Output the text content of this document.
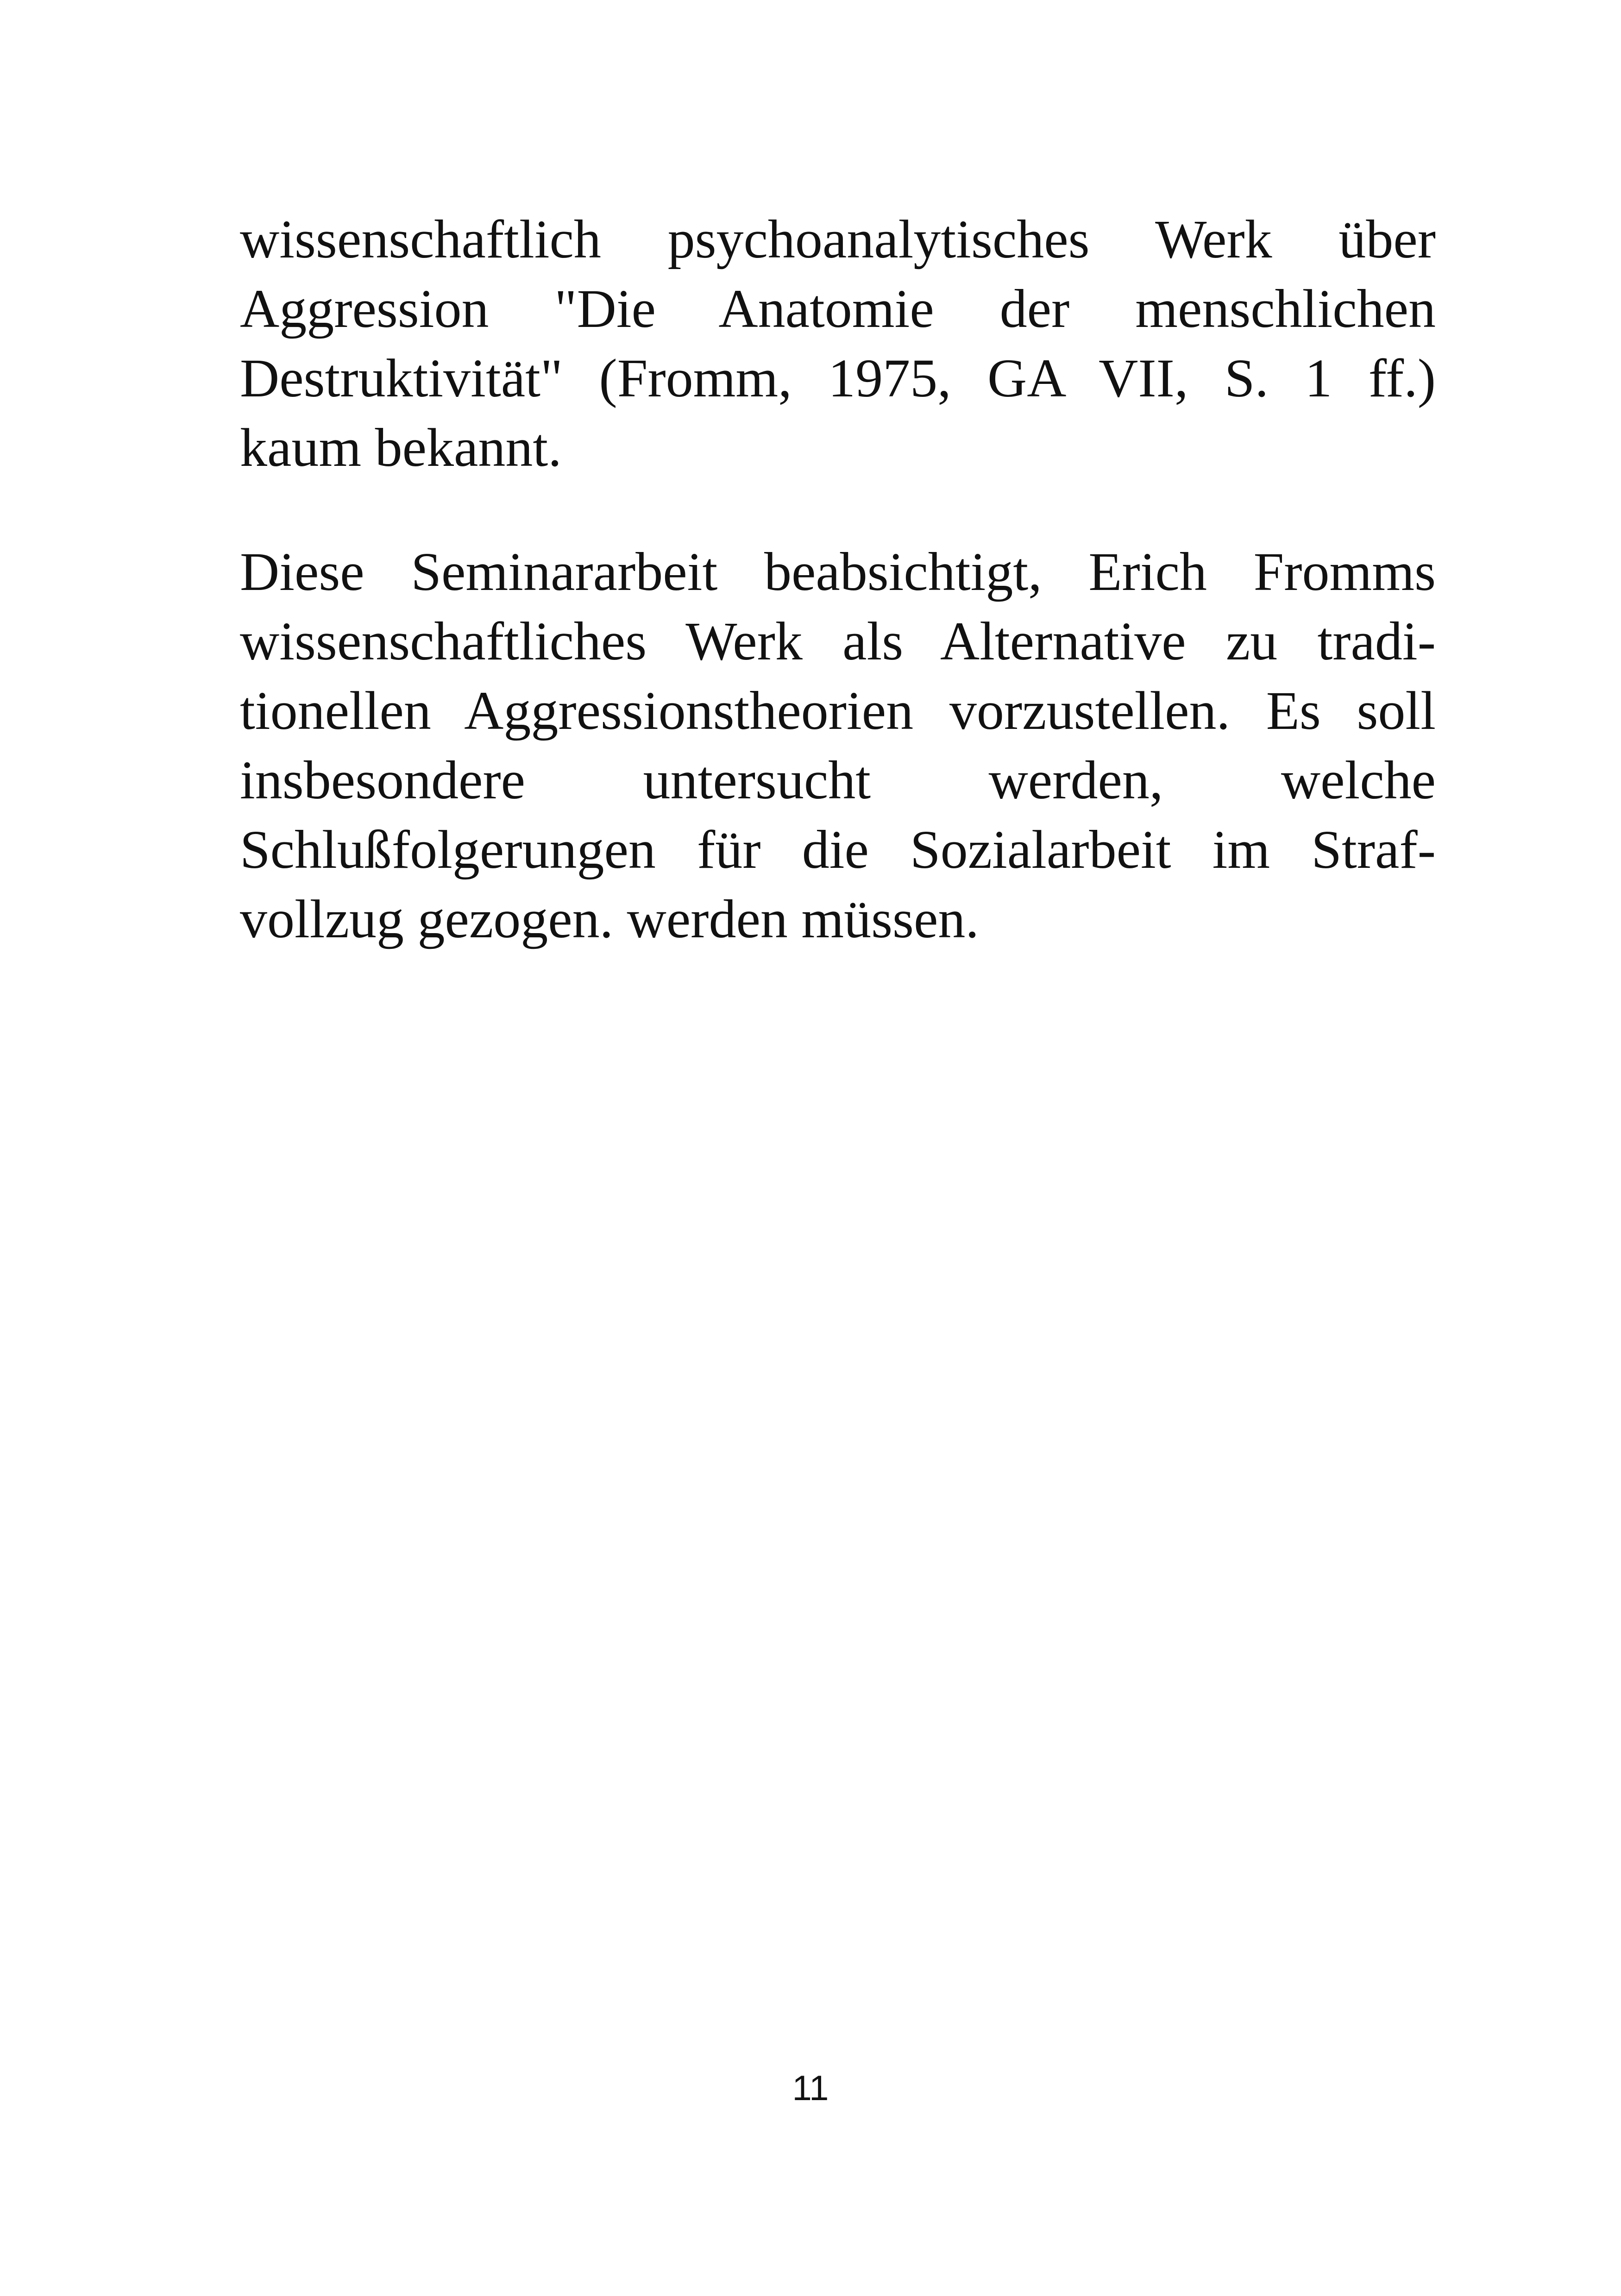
wissenschaftlich psychoanalytisches Werk über
Aggression "Die Anatomie der menschlichen
Destruktivität" (Fromm, 1975, GA VII, S. 1 ff.)
kaum bekannt.
Diese Seminararbeit beabsichtigt, Erich Fromms
wissenschaftliches Werk als Alternative zu tradi-
tionellen Aggressionstheorien vorzustellen. Es soll
insbesondere untersucht werden, welche
Schlußfolgerungen für die Sozialarbeit im Straf-
vollzug gezogen. werden müssen.
11
